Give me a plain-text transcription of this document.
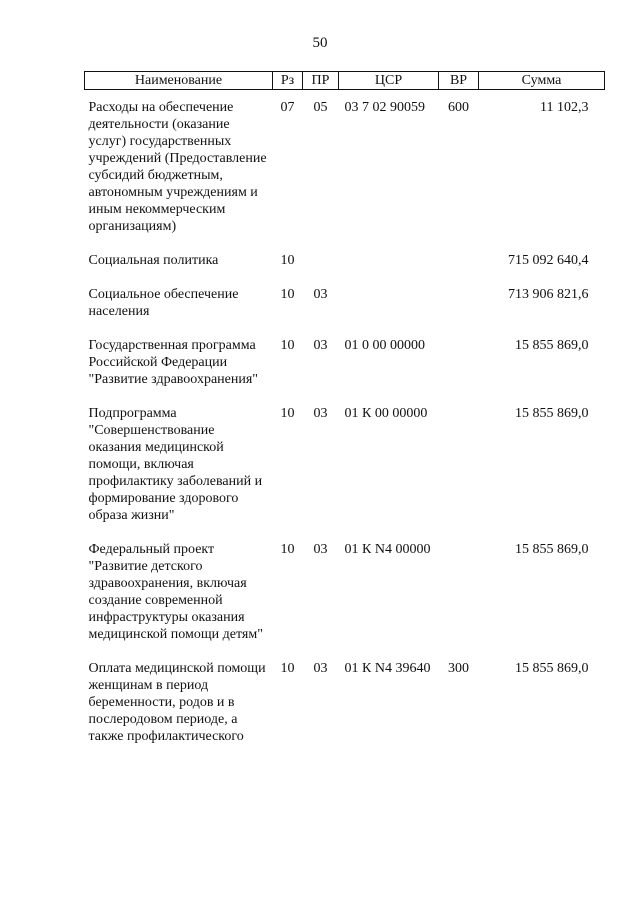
50
Наименование	Рз	ПР	ЦСР	ВР	Сумма
Расходы на обеспечение деятельности (оказание услуг) государственных учреждений (Предоставление субсидий бюджетным, автономным учреждениям и иным некоммерческим организациям)	07	05	03 7 02 90059	600	11 102,3
Социальная политика	10				715 092 640,4
Социальное обеспечение населения	10	03			713 906 821,6
Государственная программа Российской Федерации "Развитие здравоохранения"	10	03	01 0 00 00000		15 855 869,0
Подпрограмма "Совершенствование оказания медицинской помощи, включая профилактику заболеваний и формирование здорового образа жизни"	10	03	01 К 00 00000		15 855 869,0
Федеральный проект "Развитие детского здравоохранения, включая создание современной инфраструктуры оказания медицинской помощи детям"	10	03	01 К N4 00000		15 855 869,0
Оплата медицинской помощи женщинам в период беременности, родов и в послеродовом периоде, а также профилактического	10	03	01 К N4 39640	300	15 855 869,0
